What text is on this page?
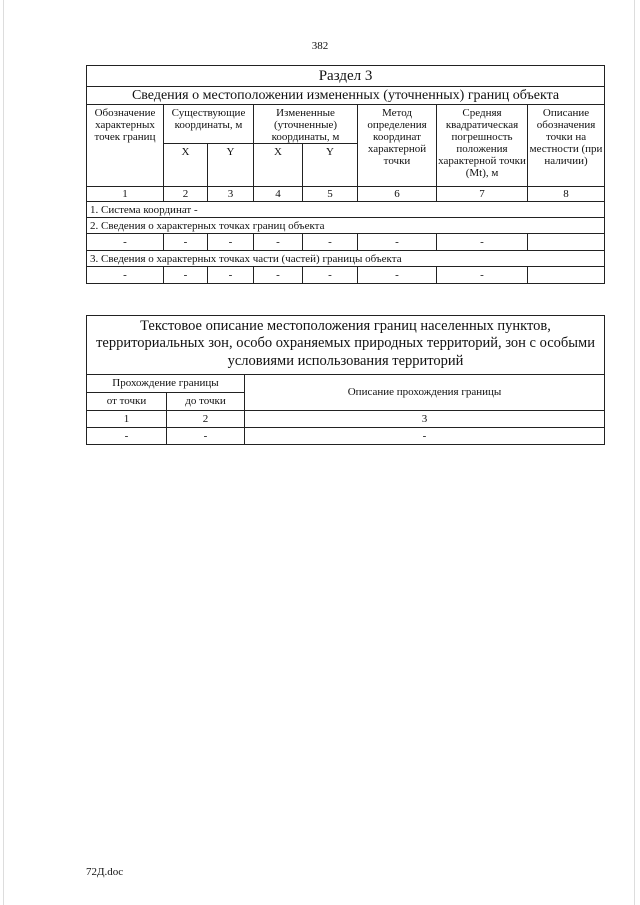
382
Раздел 3							
Сведения о местоположении измененных (уточненных) границ объекта							
Обозначение характерных точек границ	Существующие координаты, м		Измененные (уточненные) координаты, м		Метод определения координат характерной точки	Средняя квадратическая погрешность положения характерной точки (Mt), м	Описание обозначения точки на местности (при наличии)
	X	Y	X	Y			
1	2	3	4	5	6	7	8
1. Система координат -							
2. Сведения о характерных точках границ объекта							
-	-	-	-	-	-	-	
3. Сведения о характерных точках части (частей) границы объекта							
-	-	-	-	-	-	-	
Текстовое описание местоположения границ населенных пунктов, территориальных зон, особо охраняемых природных территорий, зон с особыми условиями использования территорий		
Прохождение границы		Описание прохождения границы
от точки	до точки	
1	2	3
-	-	-
72Д.doc
